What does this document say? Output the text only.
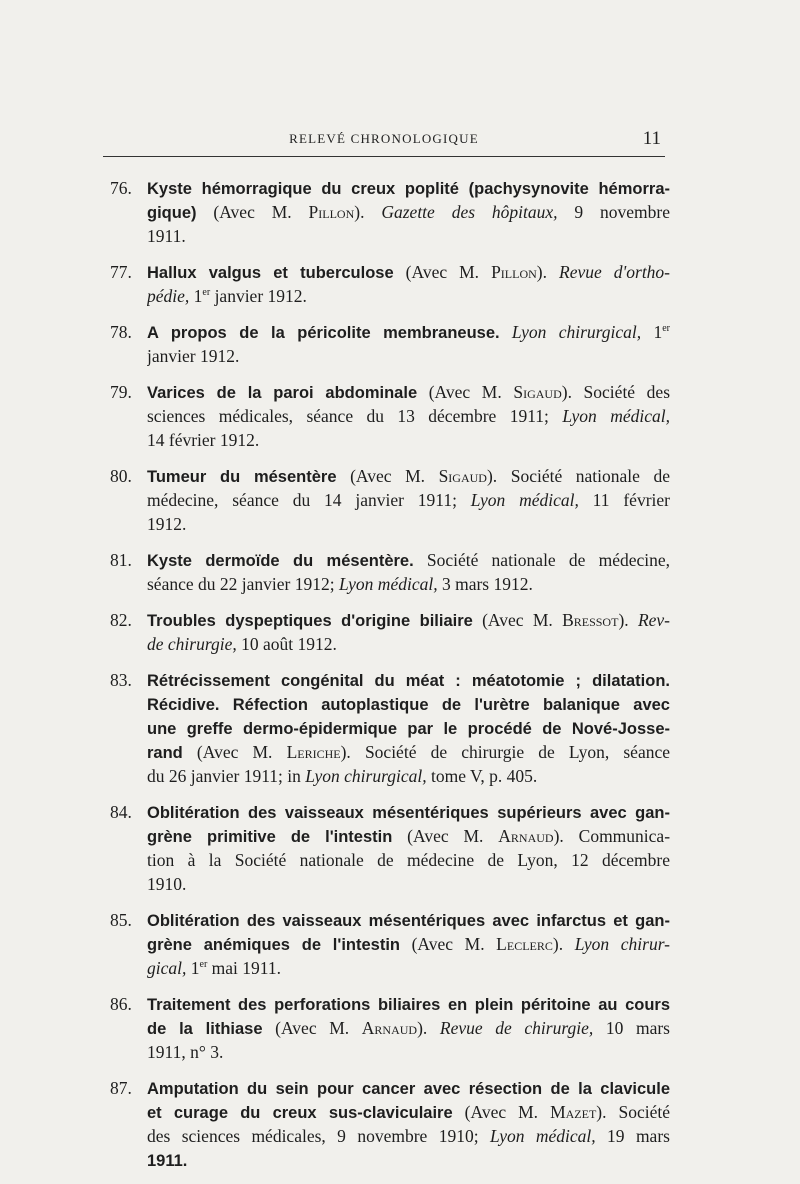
RELEVÉ CHRONOLOGIQUE	11
76. Kyste hémorragique du creux poplité (pachysynovite hémorra-
gique) (Avec M. Pillon). Gazette des hôpitaux, 9 novembre
1911.
77. Hallux valgus et tuberculose (Avec M. Pillon). Revue d'ortho-
pédie, 1er janvier 1912.
78. A propos de la péricolite membraneuse. Lyon chirurgical, 1er
janvier 1912.
79. Varices de la paroi abdominale (Avec M. Sigaud). Société des
sciences médicales, séance du 13 décembre 1911; Lyon médical,
14 février 1912.
80. Tumeur du mésentère (Avec M. Sigaud). Société nationale de
médecine, séance du 14 janvier 1911; Lyon médical, 11 février
1912.
81. Kyste dermoïde du mésentère. Société nationale de médecine,
séance du 22 janvier 1912; Lyon médical, 3 mars 1912.
82. Troubles dyspeptiques d'origine biliaire (Avec M. Bressot). Rev-
de chirurgie, 10 août 1912.
83. Rétrécissement congénital du méat : méatotomie ; dilatation.
Récidive. Réfection autoplastique de l'urètre balanique avec
une greffe dermo-épidermique par le procédé de Nové-Josse-
rand (Avec M. Leriche). Société de chirurgie de Lyon, séance
du 26 janvier 1911; in Lyon chirurgical, tome V, p. 405.
84. Oblitération des vaisseaux mésentériques supérieurs avec gan-
grène primitive de l'intestin (Avec M. Arnaud). Communica-
tion à la Société nationale de médecine de Lyon, 12 décembre
1910.
85. Oblitération des vaisseaux mésentériques avec infarctus et gan-
grène anémiques de l'intestin (Avec M. Leclerc). Lyon chirur-
gical, 1er mai 1911.
86. Traitement des perforations biliaires en plein péritoine au cours
de la lithiase (Avec M. Arnaud). Revue de chirurgie, 10 mars
1911, n° 3.
87. Amputation du sein pour cancer avec résection de la clavicule
et curage du creux sus-claviculaire (Avec M. Mazet). Société
des sciences médicales, 9 novembre 1910; Lyon médical, 19 mars
1911.
